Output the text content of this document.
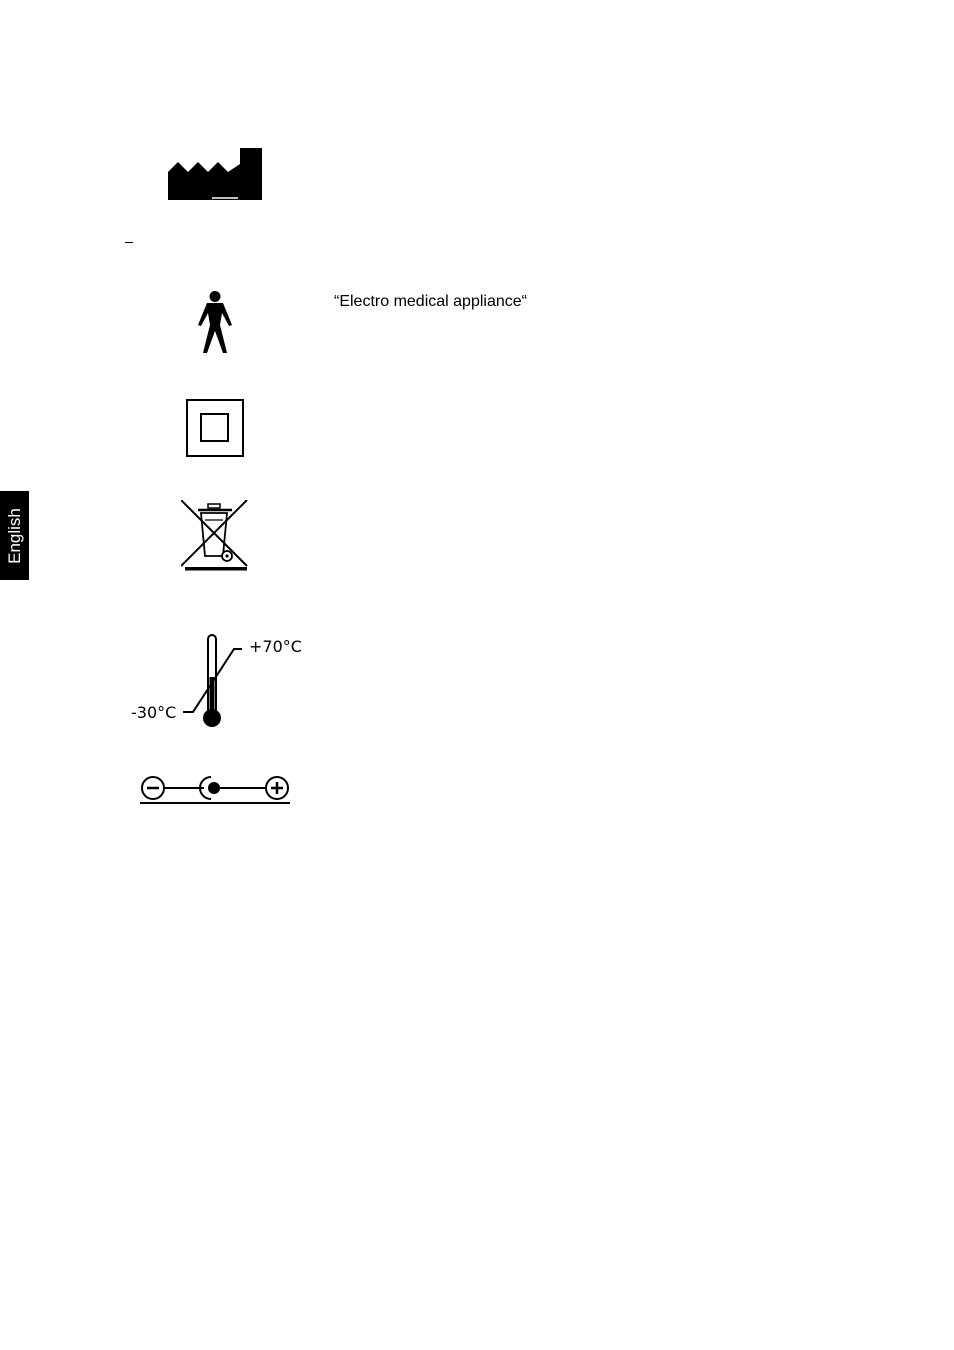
English
“Electro medical appliance“
+70°C
-30°C
